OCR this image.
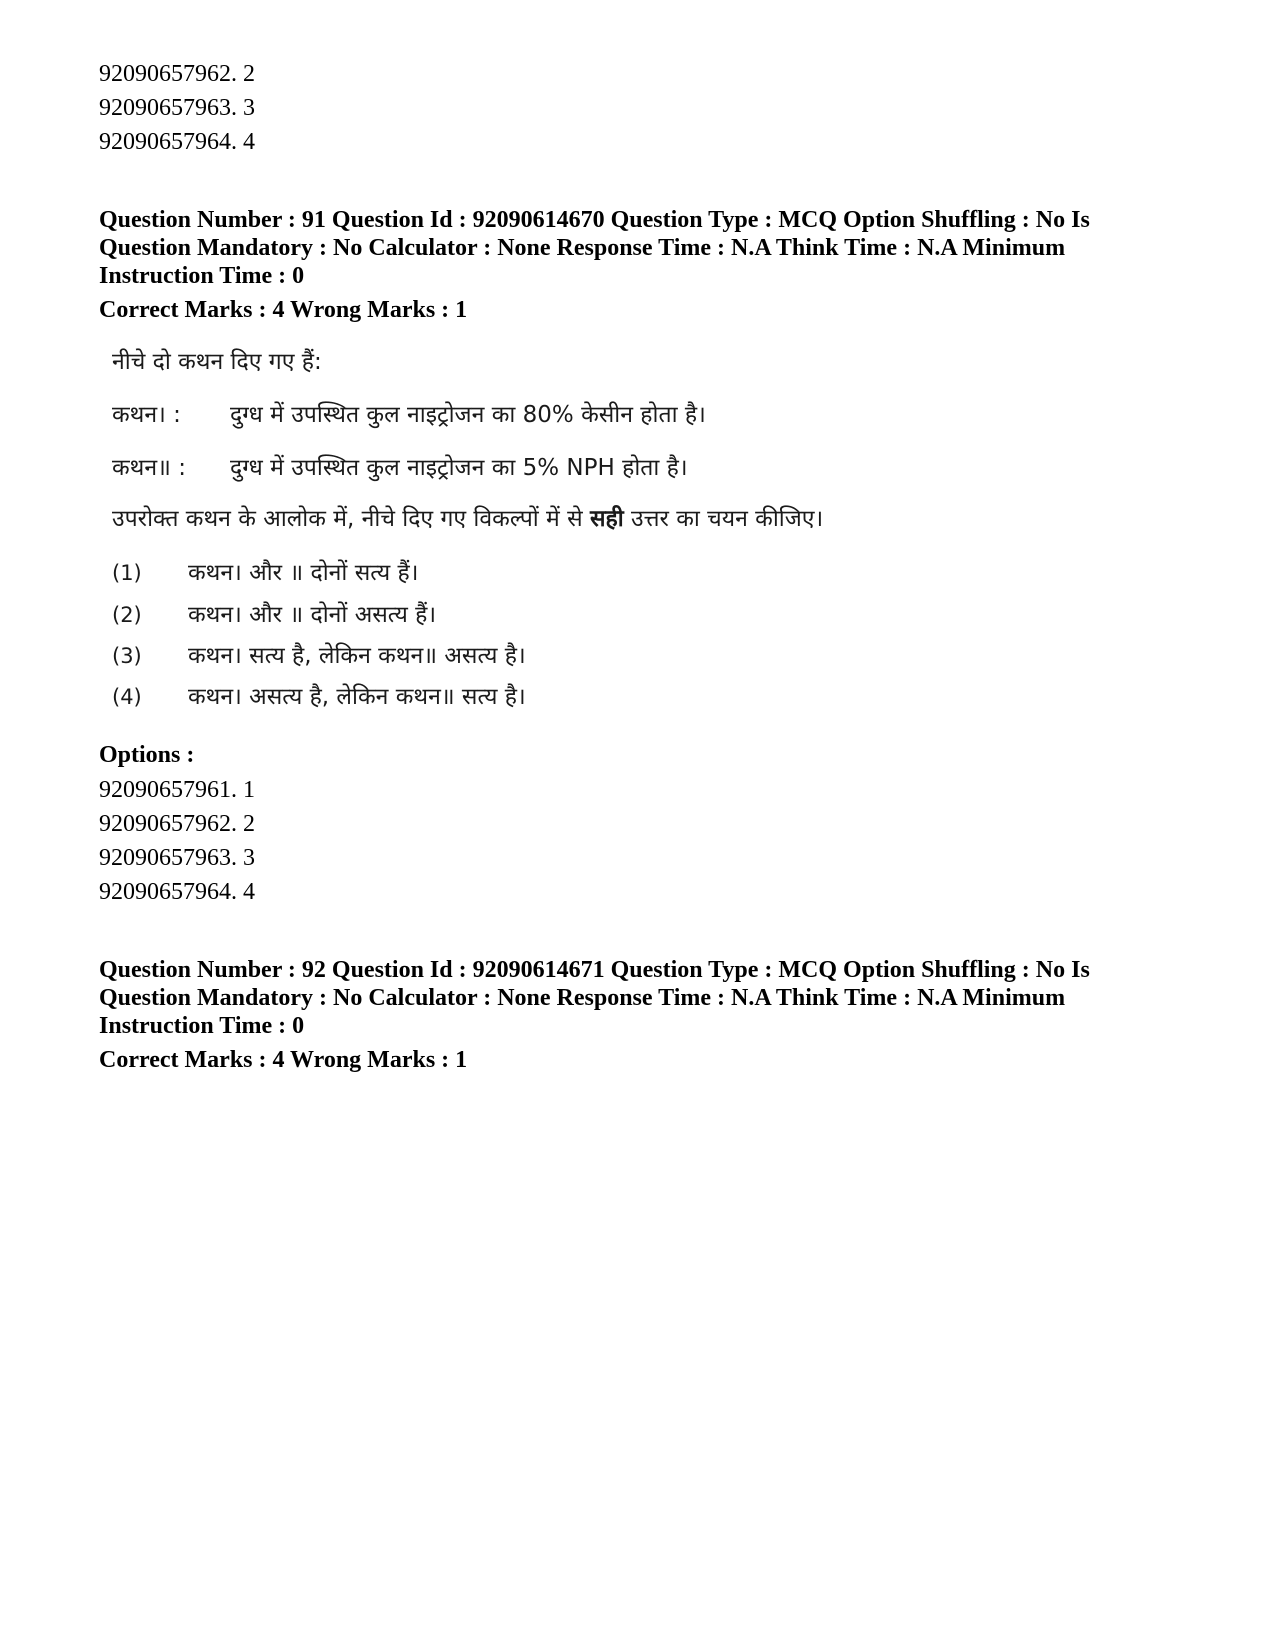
92090657962. 2
92090657963. 3
92090657964. 4
Question Number : 91 Question Id : 92090614670 Question Type : MCQ Option Shuffling : No Is
Question Mandatory : No Calculator : None Response Time : N.A Think Time : N.A Minimum
Instruction Time : 0
Correct Marks : 4 Wrong Marks : 1
नीचे दो कथन दिए गए हैं:
कथन। : दुग्ध में उपस्थित कुल नाइट्रोजन का 80% केसीन होता है।
कथन॥ : दुग्ध में उपस्थित कुल नाइट्रोजन का 5% NPH होता है।
उपरोक्त कथन के आलोक में, नीचे दिए गए विकल्पों में से सही उत्तर का चयन कीजिए।
(1) कथन। और ॥ दोनों सत्य हैं।
(2) कथन। और ॥ दोनों असत्य हैं।
(3) कथन। सत्य है, लेकिन कथन॥ असत्य है।
(4) कथन। असत्य है, लेकिन कथन॥ सत्य है।
Options :
92090657961. 1
92090657962. 2
92090657963. 3
92090657964. 4
Question Number : 92 Question Id : 92090614671 Question Type : MCQ Option Shuffling : No Is
Question Mandatory : No Calculator : None Response Time : N.A Think Time : N.A Minimum
Instruction Time : 0
Correct Marks : 4 Wrong Marks : 1
